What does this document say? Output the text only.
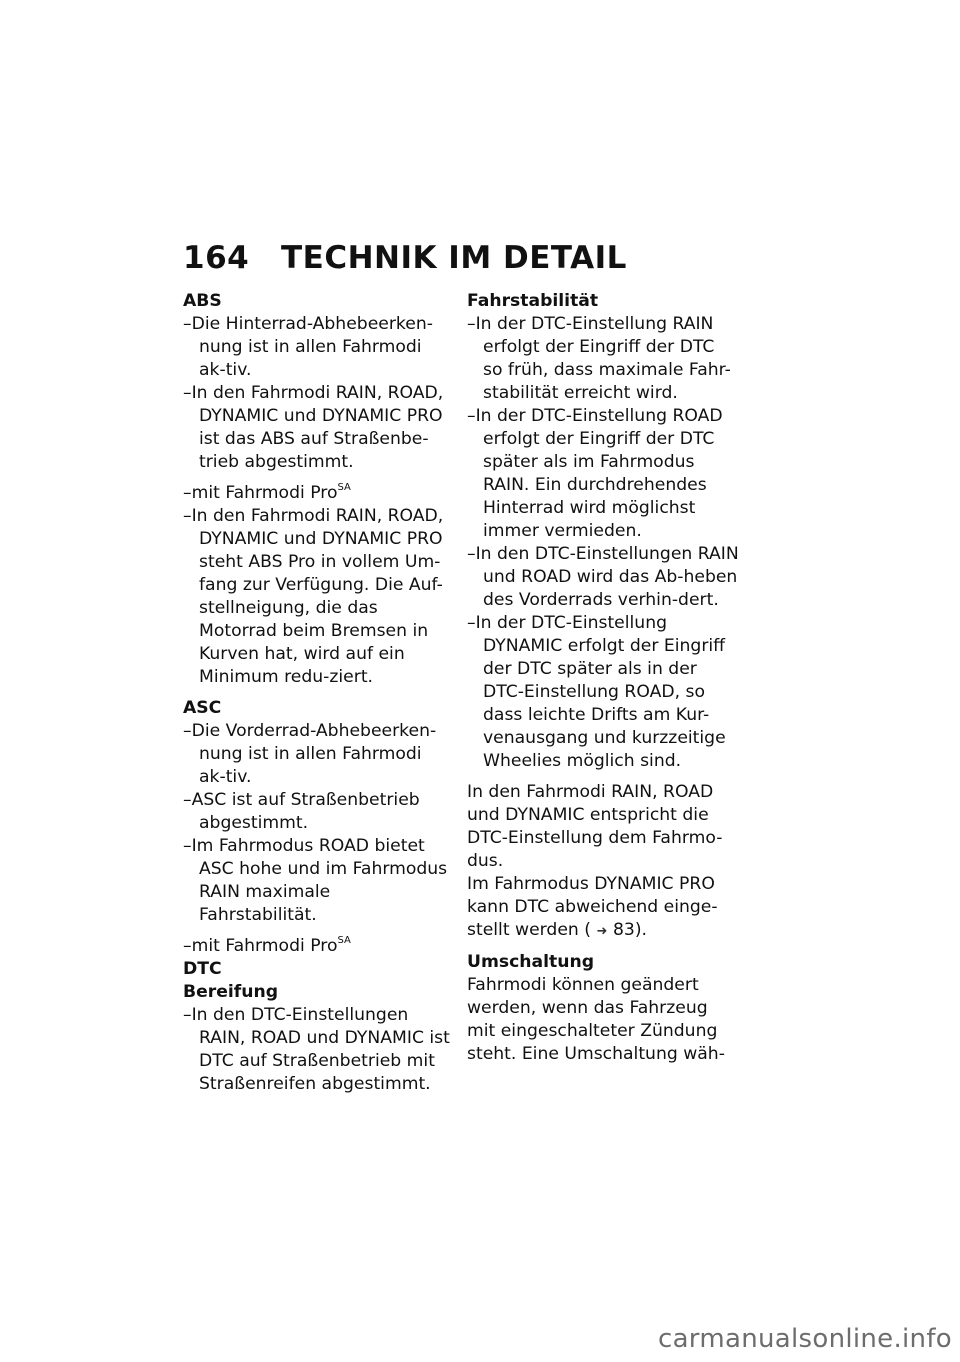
164 TECHNIK IM DETAIL

ABS

–Die Hinterrad-Abhebeerken-nung ist in allen Fahrmodi ak-tiv.
–In den Fahrmodi RAIN, ROAD, DYNAMIC und DYNAMIC PRO ist das ABS auf Straßenbe-trieb abgestimmt.

–mit Fahrmodi Pro$^{SA}$

–In den Fahrmodi RAIN, ROAD, DYNAMIC und DYNAMIC PRO steht ABS Pro in vollem Um-fang zur Verfügung. Die Auf-stellneigung, die das Motorrad beim Bremsen in Kurven hat, wird auf ein Minimum redu-ziert.

ASC

–Die Vorderrad-Abhebeerken-nung ist in allen Fahrmodi ak-tiv.
–ASC ist auf Straßenbetrieb abgestimmt.
–Im Fahrmodus ROAD bietet ASC hohe und im Fahrmodus RAIN maximale Fahrstabilität.

–mit Fahrmodi Pro$^{SA}$

DTC

Bereifung

–In den DTC-Einstellungen RAIN, ROAD und DYNAMIC ist DTC auf Straßenbetrieb mit Straßenreifen abgestimmt.

Fahrstabilität

–In der DTC-Einstellung RAIN erfolgt der Eingriff der DTC so früh, dass maximale Fahr-stabilität erreicht wird.
–In der DTC-Einstellung ROAD erfolgt der Eingriff der DTC später als im Fahrmodus RAIN. Ein durchdrehendes Hinterrad wird möglichst immer vermieden.
–In den DTC-Einstellungen RAIN und ROAD wird das Ab-heben des Vorderrads verhin-dert.
–In der DTC-Einstellung DYNAMIC erfolgt der Eingriff der DTC später als in der DTC-Einstellung ROAD, so dass leichte Drifts am Kur-venausgang und kurzzeitige Wheelies möglich sind.

In den Fahrmodi RAIN, ROAD und DYNAMIC entspricht die DTC-Einstellung dem Fahrmo-dus.

Im Fahrmodus DYNAMIC PRO kann DTC abweichend einge-stellt werden ( ➜ 83).

Umschaltung

Fahrmodi können geändert werden, wenn das Fahrzeug mit eingeschalteter Zündung steht. Eine Umschaltung wäh-

carmanualsonline.info
